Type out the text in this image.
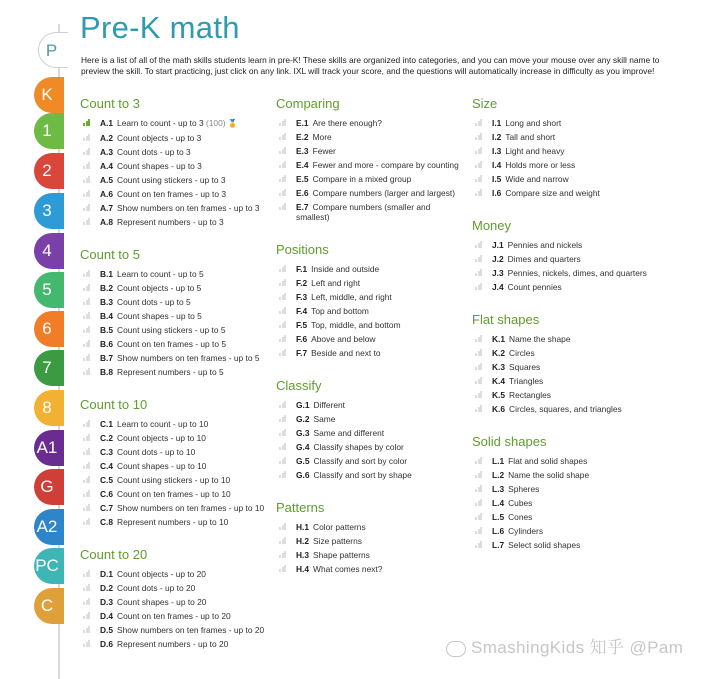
P
K
1
2
3
4
5
6
7
8
A1
G
A2
PC
C
Pre-K math

Here is a list of all of the math skills students learn in pre-K! These skills are organized into categories, and you can move your mouse over any skill name to preview the skill. To start practicing, just click on any link. IXL will track your score, and the questions will automatically increase in difficulty as you improve!

Count to 3
A.1 Learn to count - up to 3 (100) 🏅
A.2 Count objects - up to 3
A.3 Count dots - up to 3
A.4 Count shapes - up to 3
A.5 Count using stickers - up to 3
A.6 Count on ten frames - up to 3
A.7 Show numbers on ten frames - up to 3
A.8 Represent numbers - up to 3
Count to 5
B.1 Learn to count - up to 5
B.2 Count objects - up to 5
B.3 Count dots - up to 5
B.4 Count shapes - up to 5
B.5 Count using stickers - up to 5
B.6 Count on ten frames - up to 5
B.7 Show numbers on ten frames - up to 5
B.8 Represent numbers - up to 5
Count to 10
C.1 Learn to count - up to 10
C.2 Count objects - up to 10
C.3 Count dots - up to 10
C.4 Count shapes - up to 10
C.5 Count using stickers - up to 10
C.6 Count on ten frames - up to 10
C.7 Show numbers on ten frames - up to 10
C.8 Represent numbers - up to 10
Count to 20
D.1 Count objects - up to 20
D.2 Count dots - up to 20
D.3 Count shapes - up to 20
D.4 Count on ten frames - up to 20
D.5 Show numbers on ten frames - up to 20
D.6 Represent numbers - up to 20
Comparing
E.1 Are there enough?
E.2 More
E.3 Fewer
E.4 Fewer and more - compare by counting
E.5 Compare in a mixed group
E.6 Compare numbers (larger and largest)
E.7 Compare numbers (smaller and smallest)
Positions
F.1 Inside and outside
F.2 Left and right
F.3 Left, middle, and right
F.4 Top and bottom
F.5 Top, middle, and bottom
F.6 Above and below
F.7 Beside and next to
Classify
G.1 Different
G.2 Same
G.3 Same and different
G.4 Classify shapes by color
G.5 Classify and sort by color
G.6 Classify and sort by shape
Patterns
H.1 Color patterns
H.2 Size patterns
H.3 Shape patterns
H.4 What comes next?
Size
I.1 Long and short
I.2 Tall and short
I.3 Light and heavy
I.4 Holds more or less
I.5 Wide and narrow
I.6 Compare size and weight
Money
J.1 Pennies and nickels
J.2 Dimes and quarters
J.3 Pennies, nickels, dimes, and quarters
J.4 Count pennies
Flat shapes
K.1 Name the shape
K.2 Circles
K.3 Squares
K.4 Triangles
K.5 Rectangles
K.6 Circles, squares, and triangles
Solid shapes
L.1 Flat and solid shapes
L.2 Name the solid shape
L.3 Spheres
L.4 Cubes
L.5 Cones
L.6 Cylinders
L.7 Select solid shapes
SmashingKids 知乎 @Pam
